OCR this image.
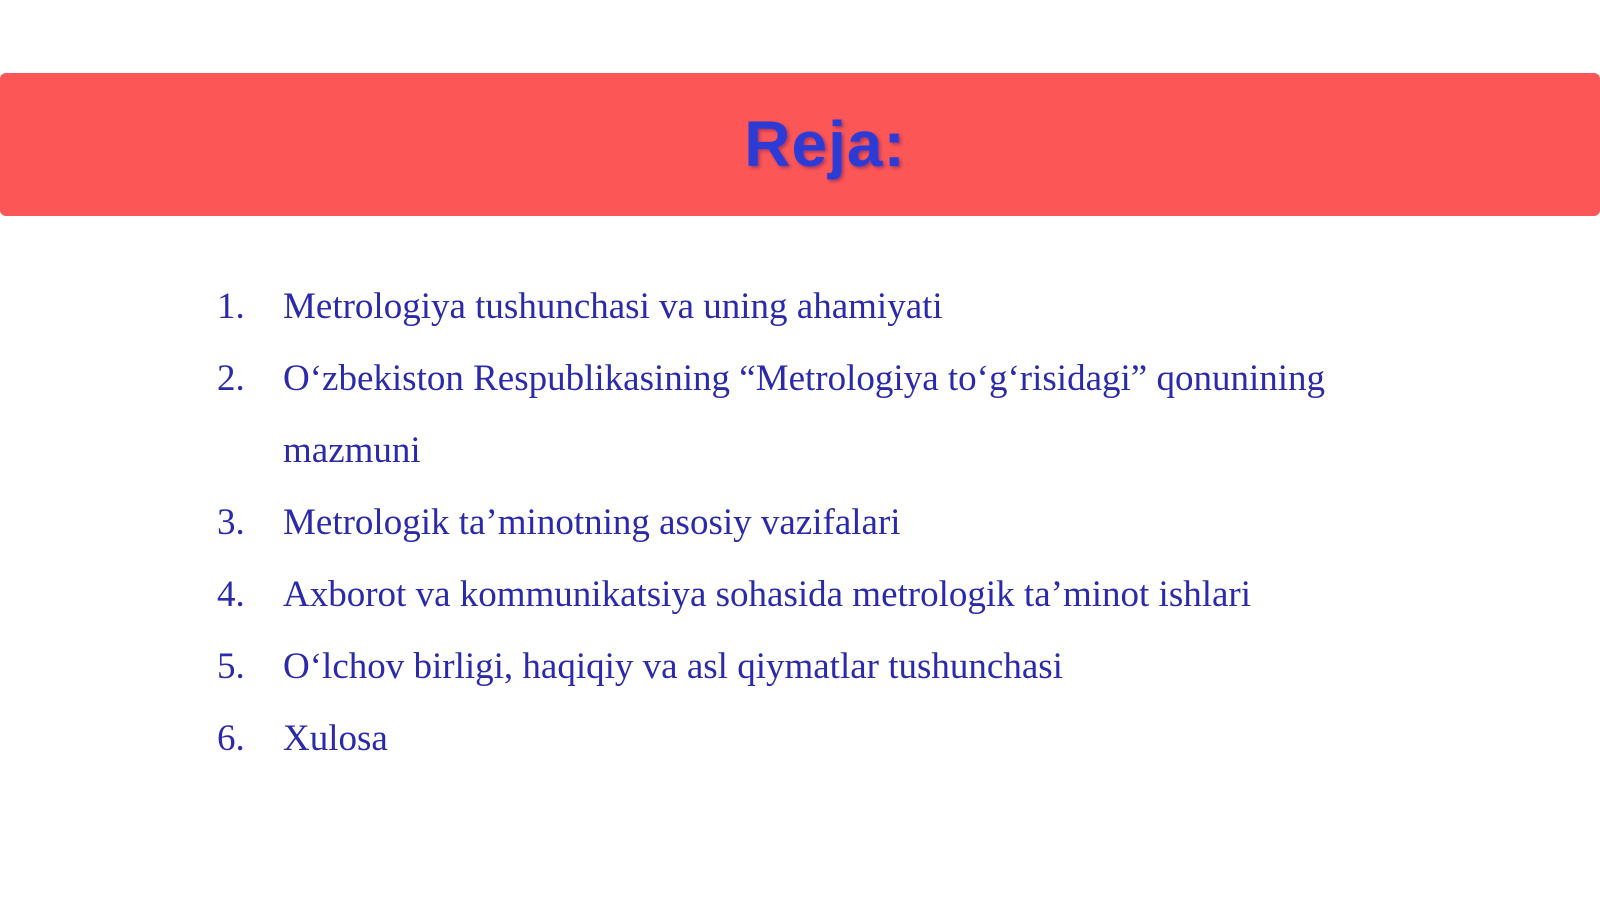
Reja:
1. Metrologiya tushunchasi va uning ahamiyati
2. O‘zbekiston Respublikasining “Metrologiya to‘g‘risidagi” qonunining mazmuni
3. Metrologik ta’minotning asosiy vazifalari
4. Axborot va kommunikatsiya sohasida metrologik ta’minot ishlari
5. O‘lchov birligi, haqiqiy va asl qiymatlar tushunchasi
6. Xulosa
